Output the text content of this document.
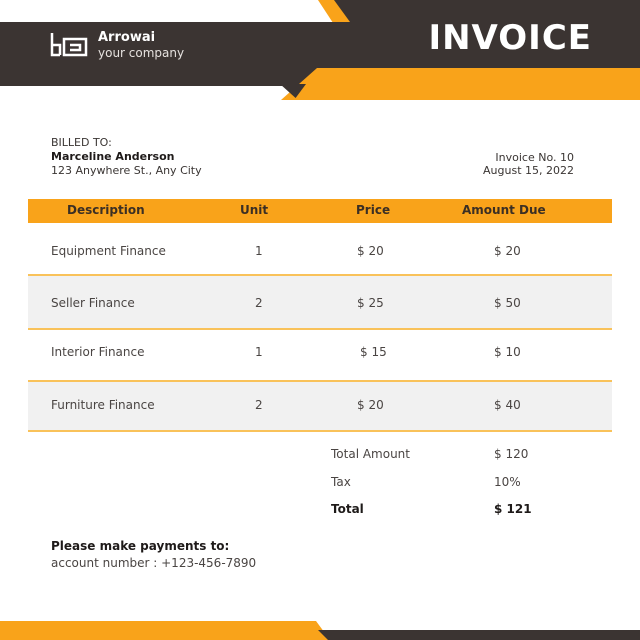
Arrowai
your company	INVOICE
BILLED TO:
Marceline Anderson
123 Anywhere St., Any City
Invoice No. 10
August 15, 2022
Description	Unit	Price	Amount Due
Equipment Finance	1	$ 20	$ 20
Seller Finance	2	$ 25	$ 50
Interior Finance	1	$ 15	$ 10
Furniture Finance	2	$ 20	$ 40
Total Amount	$ 120
Tax	10%
Total	$ 121
Please make payments to:
account number : +123-456-7890
